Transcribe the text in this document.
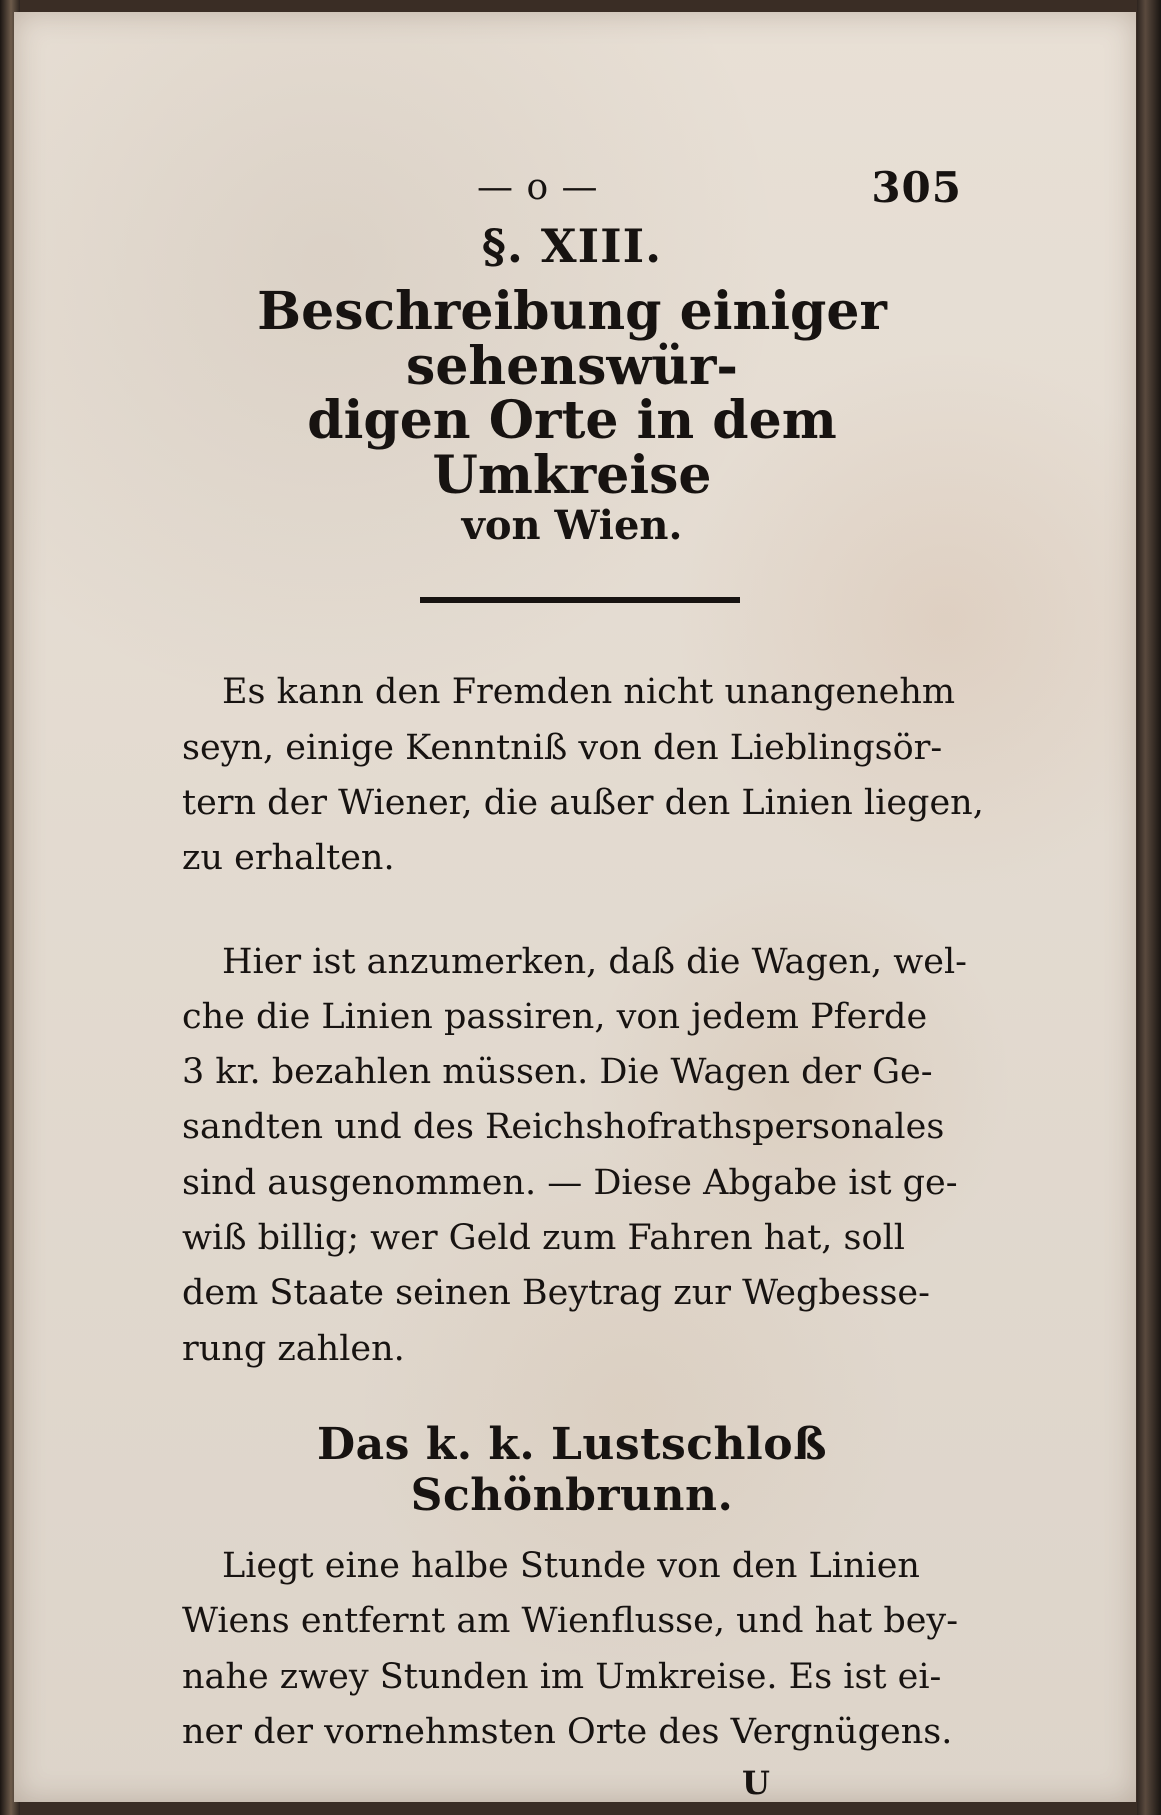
— o —	305
§. XIII.
Beschreibung einiger sehenswür-
digen Orte in dem Umkreise
von Wien.
Es kann den Fremden nicht unangenehm
seyn, einige Kenntniß von den Lieblingsör-
tern der Wiener, die außer den Linien liegen,
zu erhalten.
Hier ist anzumerken, daß die Wagen, wel-
che die Linien passiren, von jedem Pferde
3 kr. bezahlen müssen. Die Wagen der Ge-
sandten und des Reichshofrathspersonales
sind ausgenommen. — Diese Abgabe ist ge-
wiß billig; wer Geld zum Fahren hat, soll
dem Staate seinen Beytrag zur Wegbesse-
rung zahlen.
Das k. k. Lustschloß Schönbrunn.
Liegt eine halbe Stunde von den Linien
Wiens entfernt am Wienflusse, und hat bey-
nahe zwey Stunden im Umkreise. Es ist ei-
ner der vornehmsten Orte des Vergnügens.
U
